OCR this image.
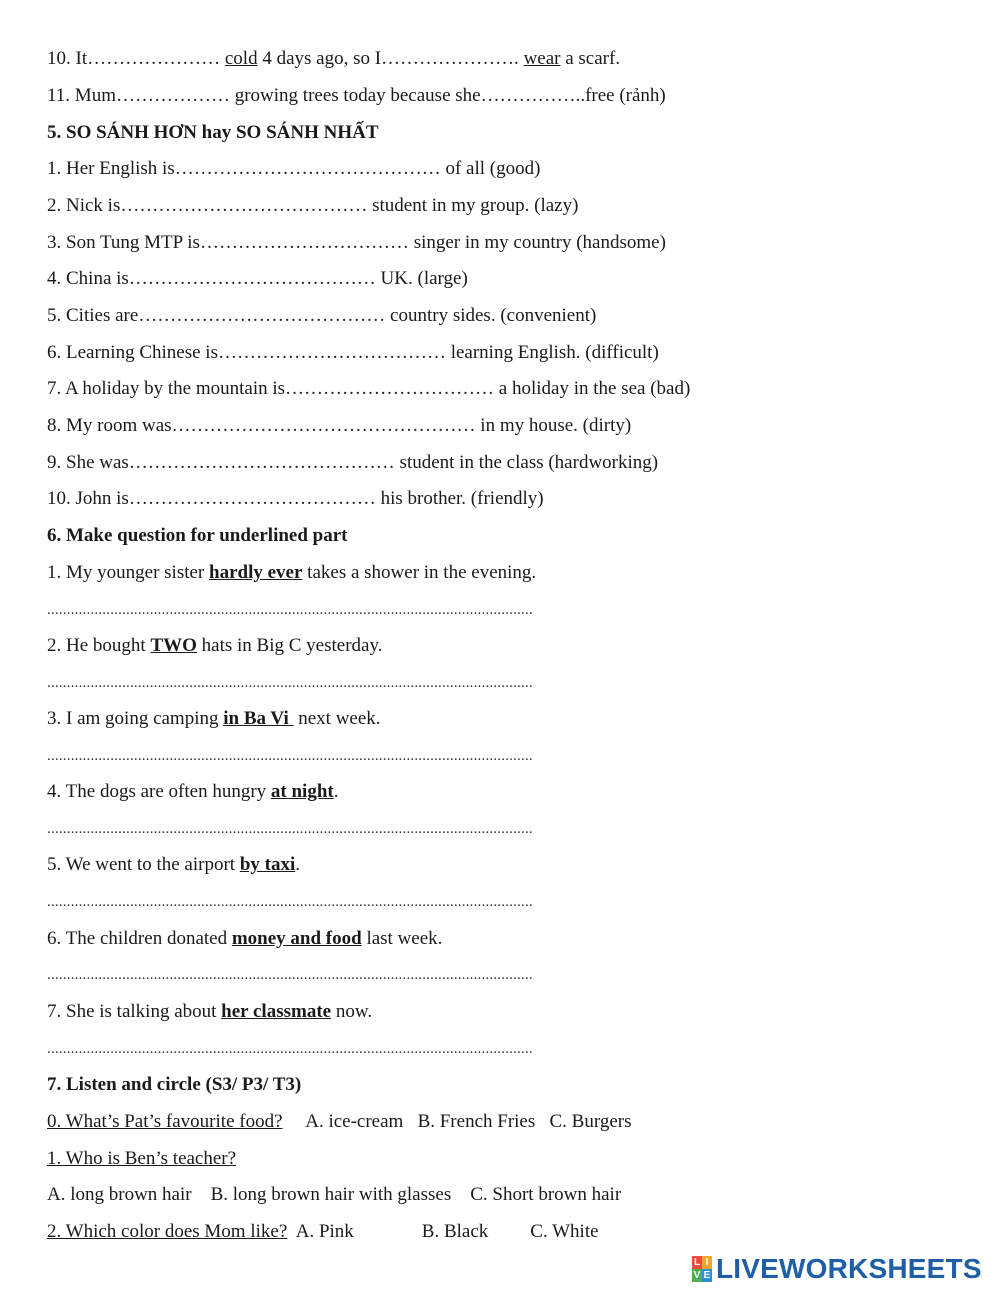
10. It………………… cold 4 days ago, so I…………………. wear a scarf.
11. Mum……………… growing trees today because she……………..free (rảnh)
5. SO SÁNH HƠN hay SO SÁNH NHẤT
1. Her English is…………………………………… of all (good)
2. Nick is………………………………… student in my group. (lazy)
3. Son Tung MTP is…………………………… singer in my country (handsome)
4. China is………………………………… UK. (large)
5. Cities are………………………………… country sides. (convenient)
6. Learning Chinese is……………………………… learning English. (difficult)
7. A holiday by the mountain is…………………………… a holiday in the sea (bad)
8. My room was………………………………………… in my house. (dirty)
9. She was…………………………………… student in the class (hardworking)
10. John is………………………………… his brother. (friendly)
6. Make question for underlined part
1. My younger sister hardly ever takes a shower in the evening.
...........................................................................................................................
2. He bought TWO hats in Big C yesterday.
...........................................................................................................................
3. I am going camping in Ba Vi  next week.
...........................................................................................................................
4. The dogs are often hungry at night.
...........................................................................................................................
5. We went to the airport by taxi.
...........................................................................................................................
6. The children donated money and food last week.
...........................................................................................................................
7. She is talking about her classmate now.
...........................................................................................................................
7. Listen and circle (S3/ P3/ T3)
0. What’s Pat’s favourite food? A. ice-cream   B. French Fries   C. Burgers
1. Who is Ben’s teacher?
A. long brown hair    B. long brown hair with glasses    C. Short brown hair
2. Which color does Mom like? A. Pink	B. Black C. White
L I
V E LIVEWORKSHEETS
